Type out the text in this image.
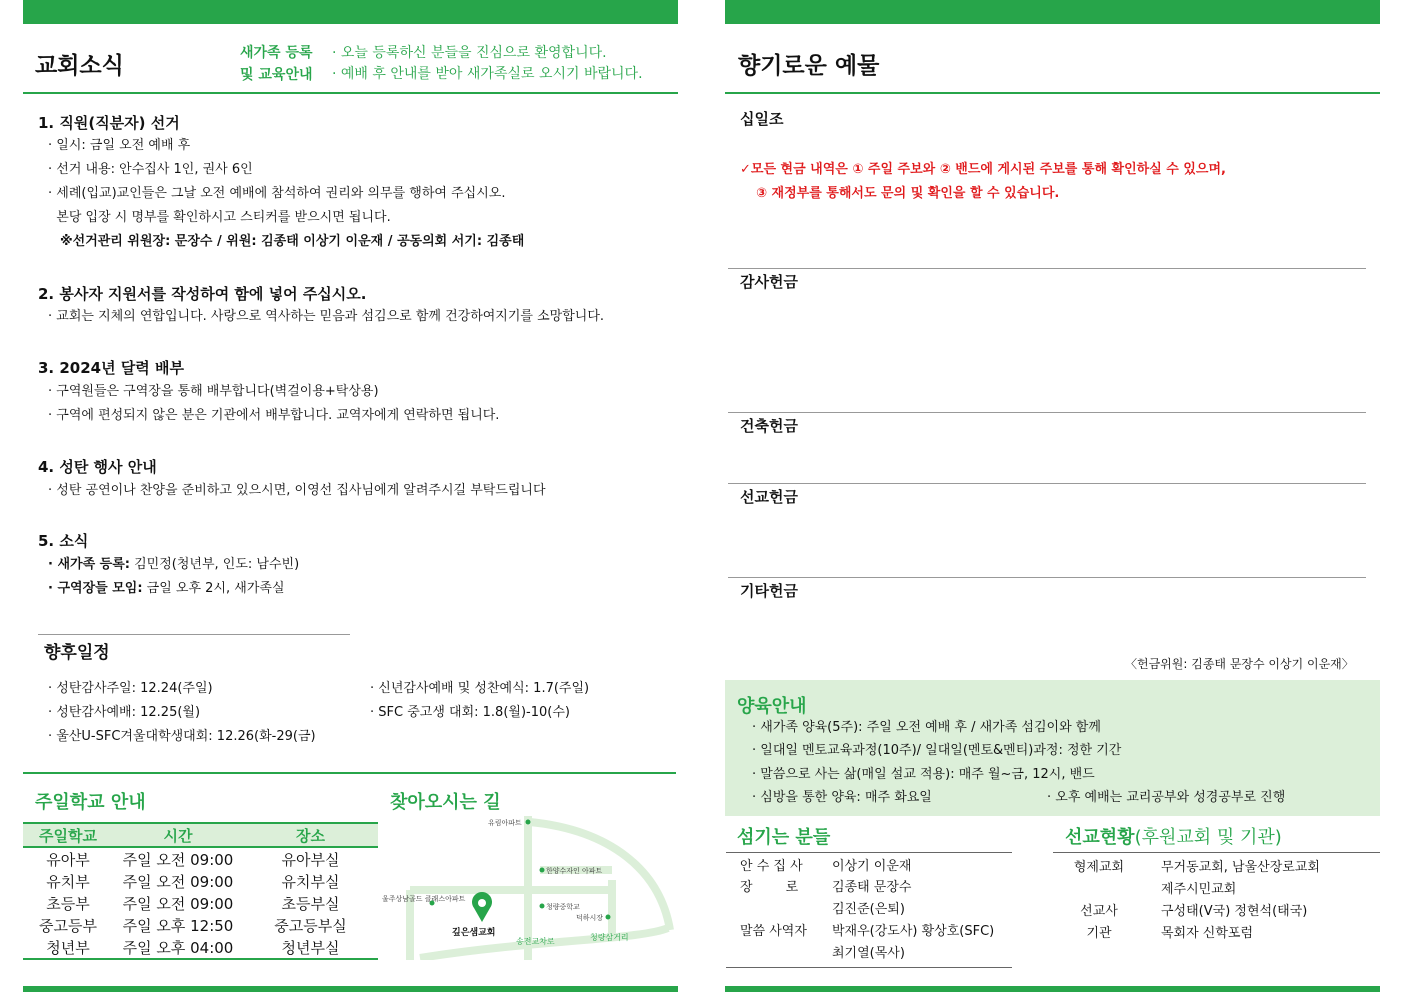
교회소식	새가족 등록
및 교육안내
· 오늘 등록하신 분들을 진심으로 환영합니다.
· 예배 후 안내를 받아 새가족실로 오시기 바랍니다.
1. 직원(직분자) 선거
· 일시: 금일 오전 예배 후
· 선거 내용: 안수집사 1인, 권사 6인
· 세례(입교)교인들은 그날 오전 예배에 참석하여 권리와 의무를 행하여 주십시오.
본당 입장 시 명부를 확인하시고 스티커를 받으시면 됩니다.
※선거관리 위원장: 문장수 / 위원: 김종태 이상기 이운재 / 공동의회 서기: 김종태
2. 봉사자 지원서를 작성하여 함에 넣어 주십시오.
· 교회는 지체의 연합입니다. 사랑으로 역사하는 믿음과 섬김으로 함께 건강하여지기를 소망합니다.
3. 2024년 달력 배부
· 구역원들은 구역장을 통해 배부합니다(벽걸이용+탁상용)
· 구역에 편성되지 않은 분은 기관에서 배부합니다. 교역자에게 연락하면 됩니다.
4. 성탄 행사 안내
· 성탄 공연이나 찬양을 준비하고 있으시면, 이영선 집사님에게 알려주시길 부탁드립니다
5. 소식
· 새가족 등록: 김민정(청년부, 인도: 남수빈)
· 구역장들 모임: 금일 오후 2시, 새가족실
향후일정
· 성탄감사주일: 12.24(주일)
· 성탄감사예배: 12.25(월)
· 울산U-SFC겨울대학생대회: 12.26(화-29(금)
· 신년감사예배 및 성찬예식: 1.7(주일)
· SFC 중고생 대회: 1.8(월)-10(수)
주일학교 안내
주일학교	시간	장소
유아부	주일 오전 09:00	유아부실
유치부	주일 오전 09:00	유치부실
초등부	주일 오전 09:00	초등부실
중고등부	주일 오후 12:50	중고등부실
청년부	주일 오후 04:00	청년부실
찾아오시는 길
유림아파트
한양수자인 아파트
울주상남골드 클래스아파트
청량중학교
덕하시장
깊은샘교회
송전교차로	청량삼거리
향기로운 예물
십일조
✓모든 현금 내역은 ① 주일 주보와 ② 밴드에 게시된 주보를 통해 확인하실 수 있으며,
③ 재정부를 통해서도 문의 및 확인을 할 수 있습니다.
감사헌금
건축헌금
선교헌금
기타헌금
〈헌금위원: 김종태 문장수 이상기 이운재〉
양육안내
· 새가족 양육(5주): 주일 오전 예배 후 / 새가족 섬김이와 함께
· 일대일 멘토교육과정(10주)/ 일대일(멘토&멘티)과정: 정한 기간
· 말씀으로 사는 삶(매일 설교 적용): 매주 월~금, 12시, 밴드
· 심방을 통한 양육: 매주 화요일	· 오후 예배는 교리공부와 성경공부로 진행
섬기는 분들
안 수 집 사 이상기 이운재
장        로	김종태 문장수
김진준(은퇴)
말씀 사역자 박재우(강도사) 황상호(SFC)
최기열(목사)
선교현황(후원교회 및 기관)
형제교회	무거동교회, 남울산장로교회
제주시민교회
선교사	구성태(V국) 정현석(태국)
기관	목회자 신학포럼
